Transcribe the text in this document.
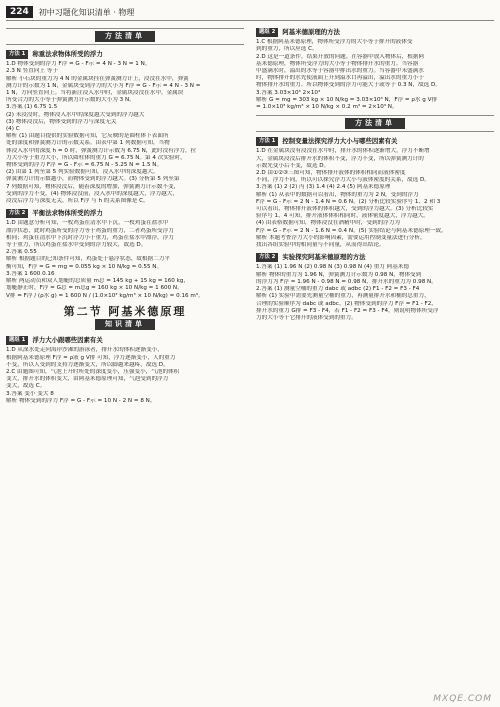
224	初中习题化知识清单 · 物理
方法清单
方法 1	称重法求物体所受的浮力

1.D 物体受到的浮力 F浮 = G - F示 = 4 N - 3 N = 1 N。

2.3 N 竖直向上 等于

解析 小石块的重力为 4 N 的金属块挂在弹簧测力计上，浸没在水中，弹簧

测力计的示数为 1 N，金属块受到浮力的大小为 F浮 = G - F示 = 4 N - 3 N =

1 N，方向竖直向上。当将新注浸入水中时，金属块浸没在水中，金属块

所受合力的大小等于弹簧测力计示数的大小为 3 N。

3.答案 (1) 6.75 1.5

(2) 未浸没时，物体浸入水中的深度越大受到的浮力越大

(3) 物体浸没后，物体受到的浮力与深度无关

(4) C

解析 (1) 由题目提供的实验数据可知，它反映的是圆柱体下表面所

处的深度和弹簧测力计的示数关系。由表中第 1 列数据可知，当物

体浸入水中的深度 h = 0 时，弹簧测力计示数为 6.75 N，此时没有浮力，拉

力大小等于重力大小，所以圆柱体的重力 G = 6.75 N。第 4 次实验时，

物体受到的浮力 F浮 = G - F示 = 6.75 N - 5.25 N = 1.5 N。

(2) 由第 1 列至第 5 列实验数据可知，浸入水中的深度越大，

弹簧测力计的示数越小，而物体受到的浮力越大。(3) 分析第 5 列至第

7 列数据可知，物体浸没后，随着深度的增加，弹簧测力计示数不变，

受到的浮力不变。(4) 物体浸没前，浸入水中的深度越大，浮力越大，

浸没后浮力与深度无关，所以 F浮 与 h 的关系图像是 C。

方法 2	平衡法求物体所受的浮力

1.D 由题意分析可知，一枚鸡蛋在清水中下沉，一枚鸡蛋在盐水中

漂浮状态，此时鸡蛋所受的浮力等于鸡蛋的重力，二者鸡蛋所受浮力

相同；鸡蛋在清水中下沉时浮力小于重力，鸡蛋在盐水中漂浮，浮力

等于重力，所以鸡蛋在盐水中受到的浮力较大，故选 D。

2.答案 0.55

解析 根据题目的已知条件可知，鸡蛋处于悬浮状态，故根据二力平

衡可知，F浮 = G = mg = 0.055 kg × 10 N/kg = 0.55 N。

3.答案 1 600 0.16

解析 两运动员和双人划艇的总质量 m总 = 145 kg + 15 kg = 160 kg，

划艇静止时，F浮 = G总 = m总g = 160 kg × 10 N/kg = 1 600 N。

V排 = F浮 / (ρ水 g) = 1 600 N / (1.0×10³ kg/m³ × 10 N/kg) = 0.16 m³。

第二节 阿基米德原理
知识清单
题组 1	浮力大小跟哪些因素有关

1.D 从深水处走向海岸沙滩的游泳者，排开水的体积逐渐变小，

根据阿基米德原理 F浮 = ρ液 g V排 可知，浮力逐渐变小，人的重力

不变，所以人受到的支持力逐渐变大，所以脚越来越疼，故选 D。

2.C 由题图可知，气泡上升时所处的深度变小，压强变小，气泡的体积

变大，排开水的体积变大，由阿基米德原理可知，气泡受到的浮力

变大，故选 C。

3.答案 变小 变大 8

解析 物体受到的浮力 F浮 = G - F示 = 10 N - 2 N = 8 N。

题组 2	阿基米德原理的方法

1.C 根据阿基米德原理，物体所受浮力的大小等于排开的液体受

到的重力，所以应选 C。

2.D 这是一道条件，结果开放的问题。在容器中放入物体后，根据阿

基米德原理，物体所受浮力的大小等于物体排开水的重力。当容器

中盛满水时，溢出的水等于容器中排出水的重力。当容器中未盛满水

时，物体排开的水先使液面上升到溢水口再溢出，溢出水的重力小于

物体排开水的重力。所以物体受到的浮力可能大于或等于 0.3 N，故选 D。

3.答案 3.03×10³ 2×10³

解析 G = mg = 303 kg × 10 N/kg = 3.03×10³ N，F浮 = ρ水 g V排

= 1.0×10³ kg/m³ × 10 N/kg × 0.2 m³ = 2×10³ N。

方法清单
方法 1	控制变量法探究浮力大小与哪些因素有关

1.D 在金属块没有浸没在水中时，排开水的体积逐渐增大，浮力不断增

大，金属块浸没后排开水的体积不变，浮力不变，所以弹簧测力计的

示数先变小后不变，故选 D。

2.D 由①②③三图可知，物体排开液体的体积相同而液体密度

不同，浮力不同，所以可以探究浮力大小与液体密度的关系，故选 D。

3.答案 (1) 2 (2) 丙 (3) 1.4 (4) 2.4 (5) 阿基米德原理

解析 (1) 从表中的数据可以看出，物体的重力为 2 N，受到的浮力

F浮 = G - F示 = 2 N - 1.4 N = 0.6 N。(2) 分析比较实验序号 1、2 和 3

可以看出，物体排开液体的体积越大，受到的浮力越大。(3) 分析比较实

验序号 1、4 可知，排开液体体积相同时，液体密度越大，浮力越大。

(4) 由表格数据可知，物体浸没在酒精中时，受到的浮力为

F浮 = G - F示 = 2 N - 1.6 N = 0.4 N。(5) 实验结论与阿基米德原理一致。

解析 本题考查浮力大小的影响因素，需要运用控制变量法进行分析，

找出各组实验中的相同量与不同量，从而得出结论。

方法 2	实验探究阿基米德原理的方法

1.答案 (1) 1.96 N (2) 0.98 N (3) 0.98 N (4) 重力 阿基米德

解析 物体的重力为 1.96 N，弹簧测力计示数为 0.98 N，物体受到

的浮力为 F浮 = 1.96 N - 0.98 N = 0.98 N，排开水的重力为 0.98 N。

2.答案 (1) 测量空桶的重力 dabc 或 adbc (2) F1 - F2 = F3 - F4

解析 (1) 实验中需要先测量空桶的重力，再测量排开水和桶的总重力，

合理的实验顺序为 dabc 或 adbc。(2) 物体受到的浮力 F浮 = F1 - F2，

排开水的重力 G排 = F3 - F4，若 F1 - F2 = F3 - F4，则说明物体所受浮

力的大小等于它排开的液体受到的重力。

MXQE.COM
